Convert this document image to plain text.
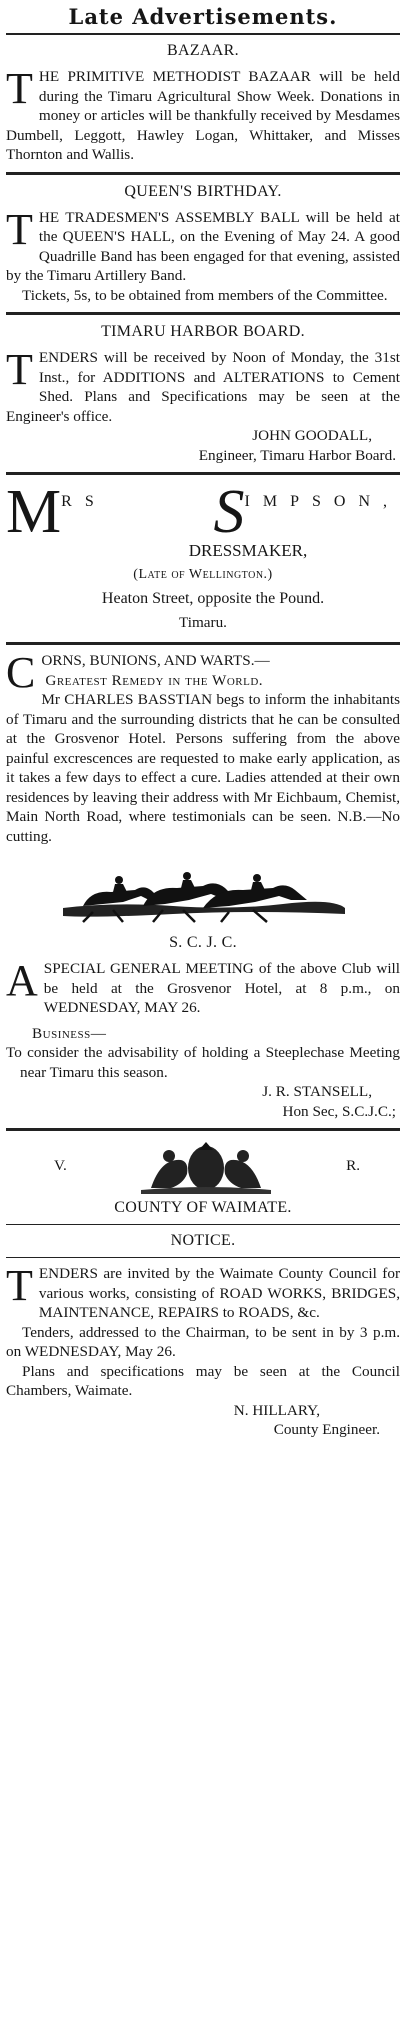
Late Advertisements.
BAZAAR.

THE PRIMITIVE METHODIST BAZAAR will be held during the Timaru Agricultural Show Week. Donations in money or articles will be thankfully received by Mesdames Dumbell, Leggott, Hawley Logan, Whittaker, and Misses Thornton and Wallis.

QUEEN'S BIRTHDAY.

THE TRADESMEN'S ASSEMBLY BALL will be held at the QUEEN'S HALL, on the Evening of May 24. A good Quadrille Band has been engaged for that evening, assisted by the Timaru Artillery Band.

Tickets, 5s, to be obtained from members of the Committee.

TIMARU HARBOR BOARD.

TENDERS will be received by Noon of Monday, the 31st Inst., for ADDITIONS and ALTERATIONS to Cement Shed. Plans and Specifications may be seen at the Engineer's office.

JOHN GOODALL,

Engineer, Timaru Harbor Board.

MRS SIMPSON,

DRESSMAKER,

(Late of Wellington.)

Heaton Street, opposite the Pound.

Timaru.

CORNS, BUNIONS, AND WARTS.—
Greatest Remedy in the World.

Mr CHARLES BASSTIAN begs to inform the inhabitants of Timaru and the surrounding districts that he can be consulted at the Grosvenor Hotel. Persons suffering from the above painful excrescences are requested to make early application, as it takes a few days to effect a cure. Ladies attended at their own residences by leaving their address with Mr Eichbaum, Chemist, Main North Road, where testimonials can be seen. N.B.—No cutting.

S. C. J. C.

ASPECIAL GENERAL MEETING of the above Club will be held at the Grosvenor Hotel, at 8 p.m., on WEDNESDAY, MAY 26.

Business—

To consider the advisability of holding a Steeplechase Meeting near Timaru this season.

J. R. STANSELL,

Hon Sec, S.C.J.C.;

V.	R.
COUNTY OF WAIMATE.
NOTICE.

TENDERS are invited by the Waimate County Council for various works, consisting of ROAD WORKS, BRIDGES, MAINTENANCE, REPAIRS to ROADS, &c.

Tenders, addressed to the Chairman, to be sent in by 3 p.m. on WEDNESDAY, May 26.

Plans and specifications may be seen at the Council Chambers, Waimate.

N. HILLARY,

County Engineer.
